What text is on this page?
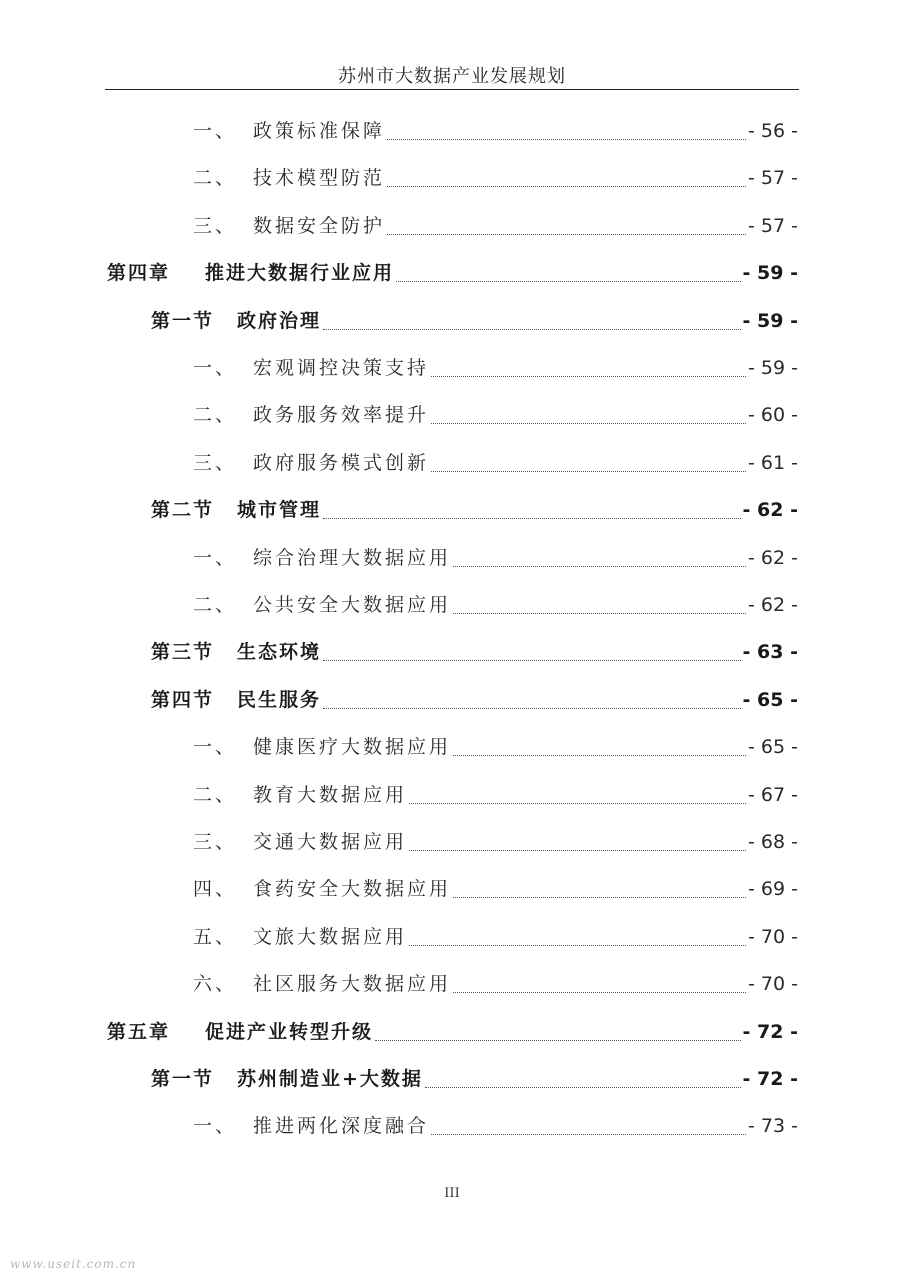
苏州市大数据产业发展规划
一、 政策标准保障	- 56 -
二、 技术模型防范	- 57 -
三、 数据安全防护	- 57 -
第四章	推进大数据行业应用	- 59 -
第一节	政府治理	- 59 -
一、 宏观调控决策支持	- 59 -
二、 政务服务效率提升	- 60 -
三、 政府服务模式创新	- 61 -
第二节	城市管理	- 62 -
一、 综合治理大数据应用	- 62 -
二、 公共安全大数据应用	- 62 -
第三节	生态环境	- 63 -
第四节	民生服务	- 65 -
一、 健康医疗大数据应用	- 65 -
二、 教育大数据应用	- 67 -
三、 交通大数据应用	- 68 -
四、 食药安全大数据应用	- 69 -
五、 文旅大数据应用	- 70 -
六、 社区服务大数据应用	- 70 -
第五章	促进产业转型升级	- 72 -
第一节	苏州制造业+大数据	- 72 -
一、 推进两化深度融合	- 73 -
III
www.useit.com.cn
